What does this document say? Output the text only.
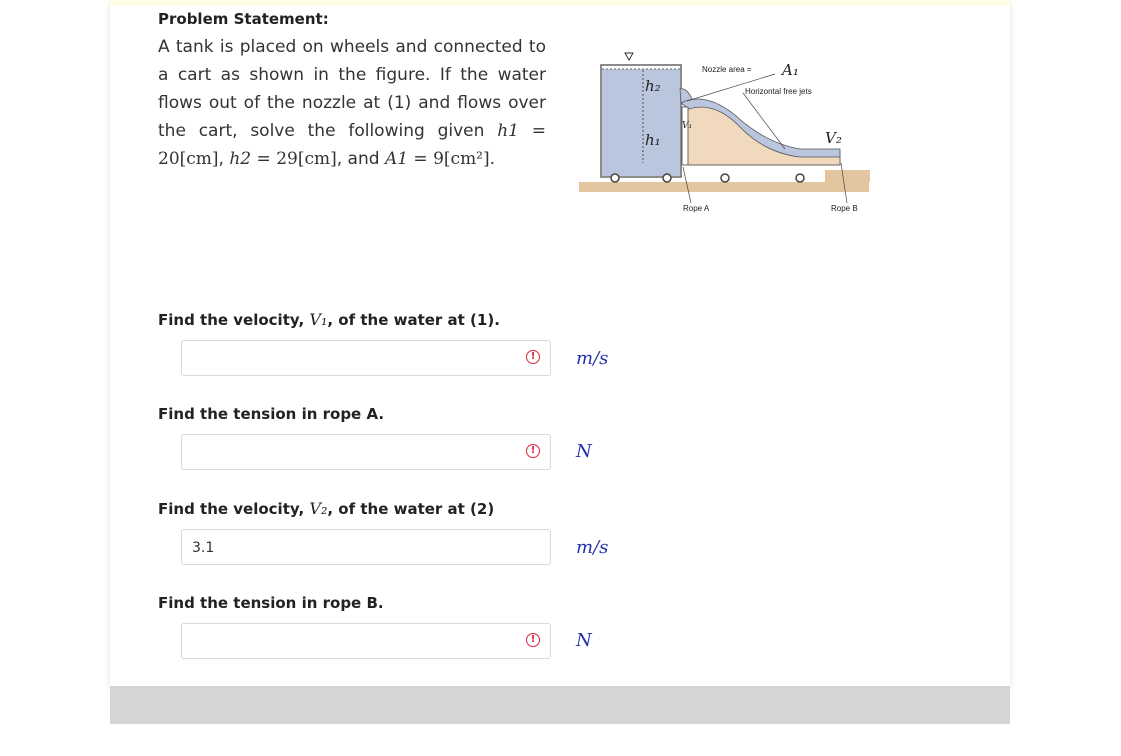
Problem Statement:
A tank is placed on wheels and connected to a cart as shown in the figure. If the water flows out of the nozzle at (1) and flows over the cart, solve the following given h1 = 20[cm], h2 = 29[cm], and A1 = 9[cm²].
h₂
h₁
V₁
V₂
Nozzle area = A₁
Horizontal free jets
Rope A	Rope B
Find the velocity, V₁, of the water at (1).
! m/s
Find the tension in rope A.
! N
Find the velocity, V₂, of the water at (2)
3.1	m/s
Find the tension in rope B.
! N
